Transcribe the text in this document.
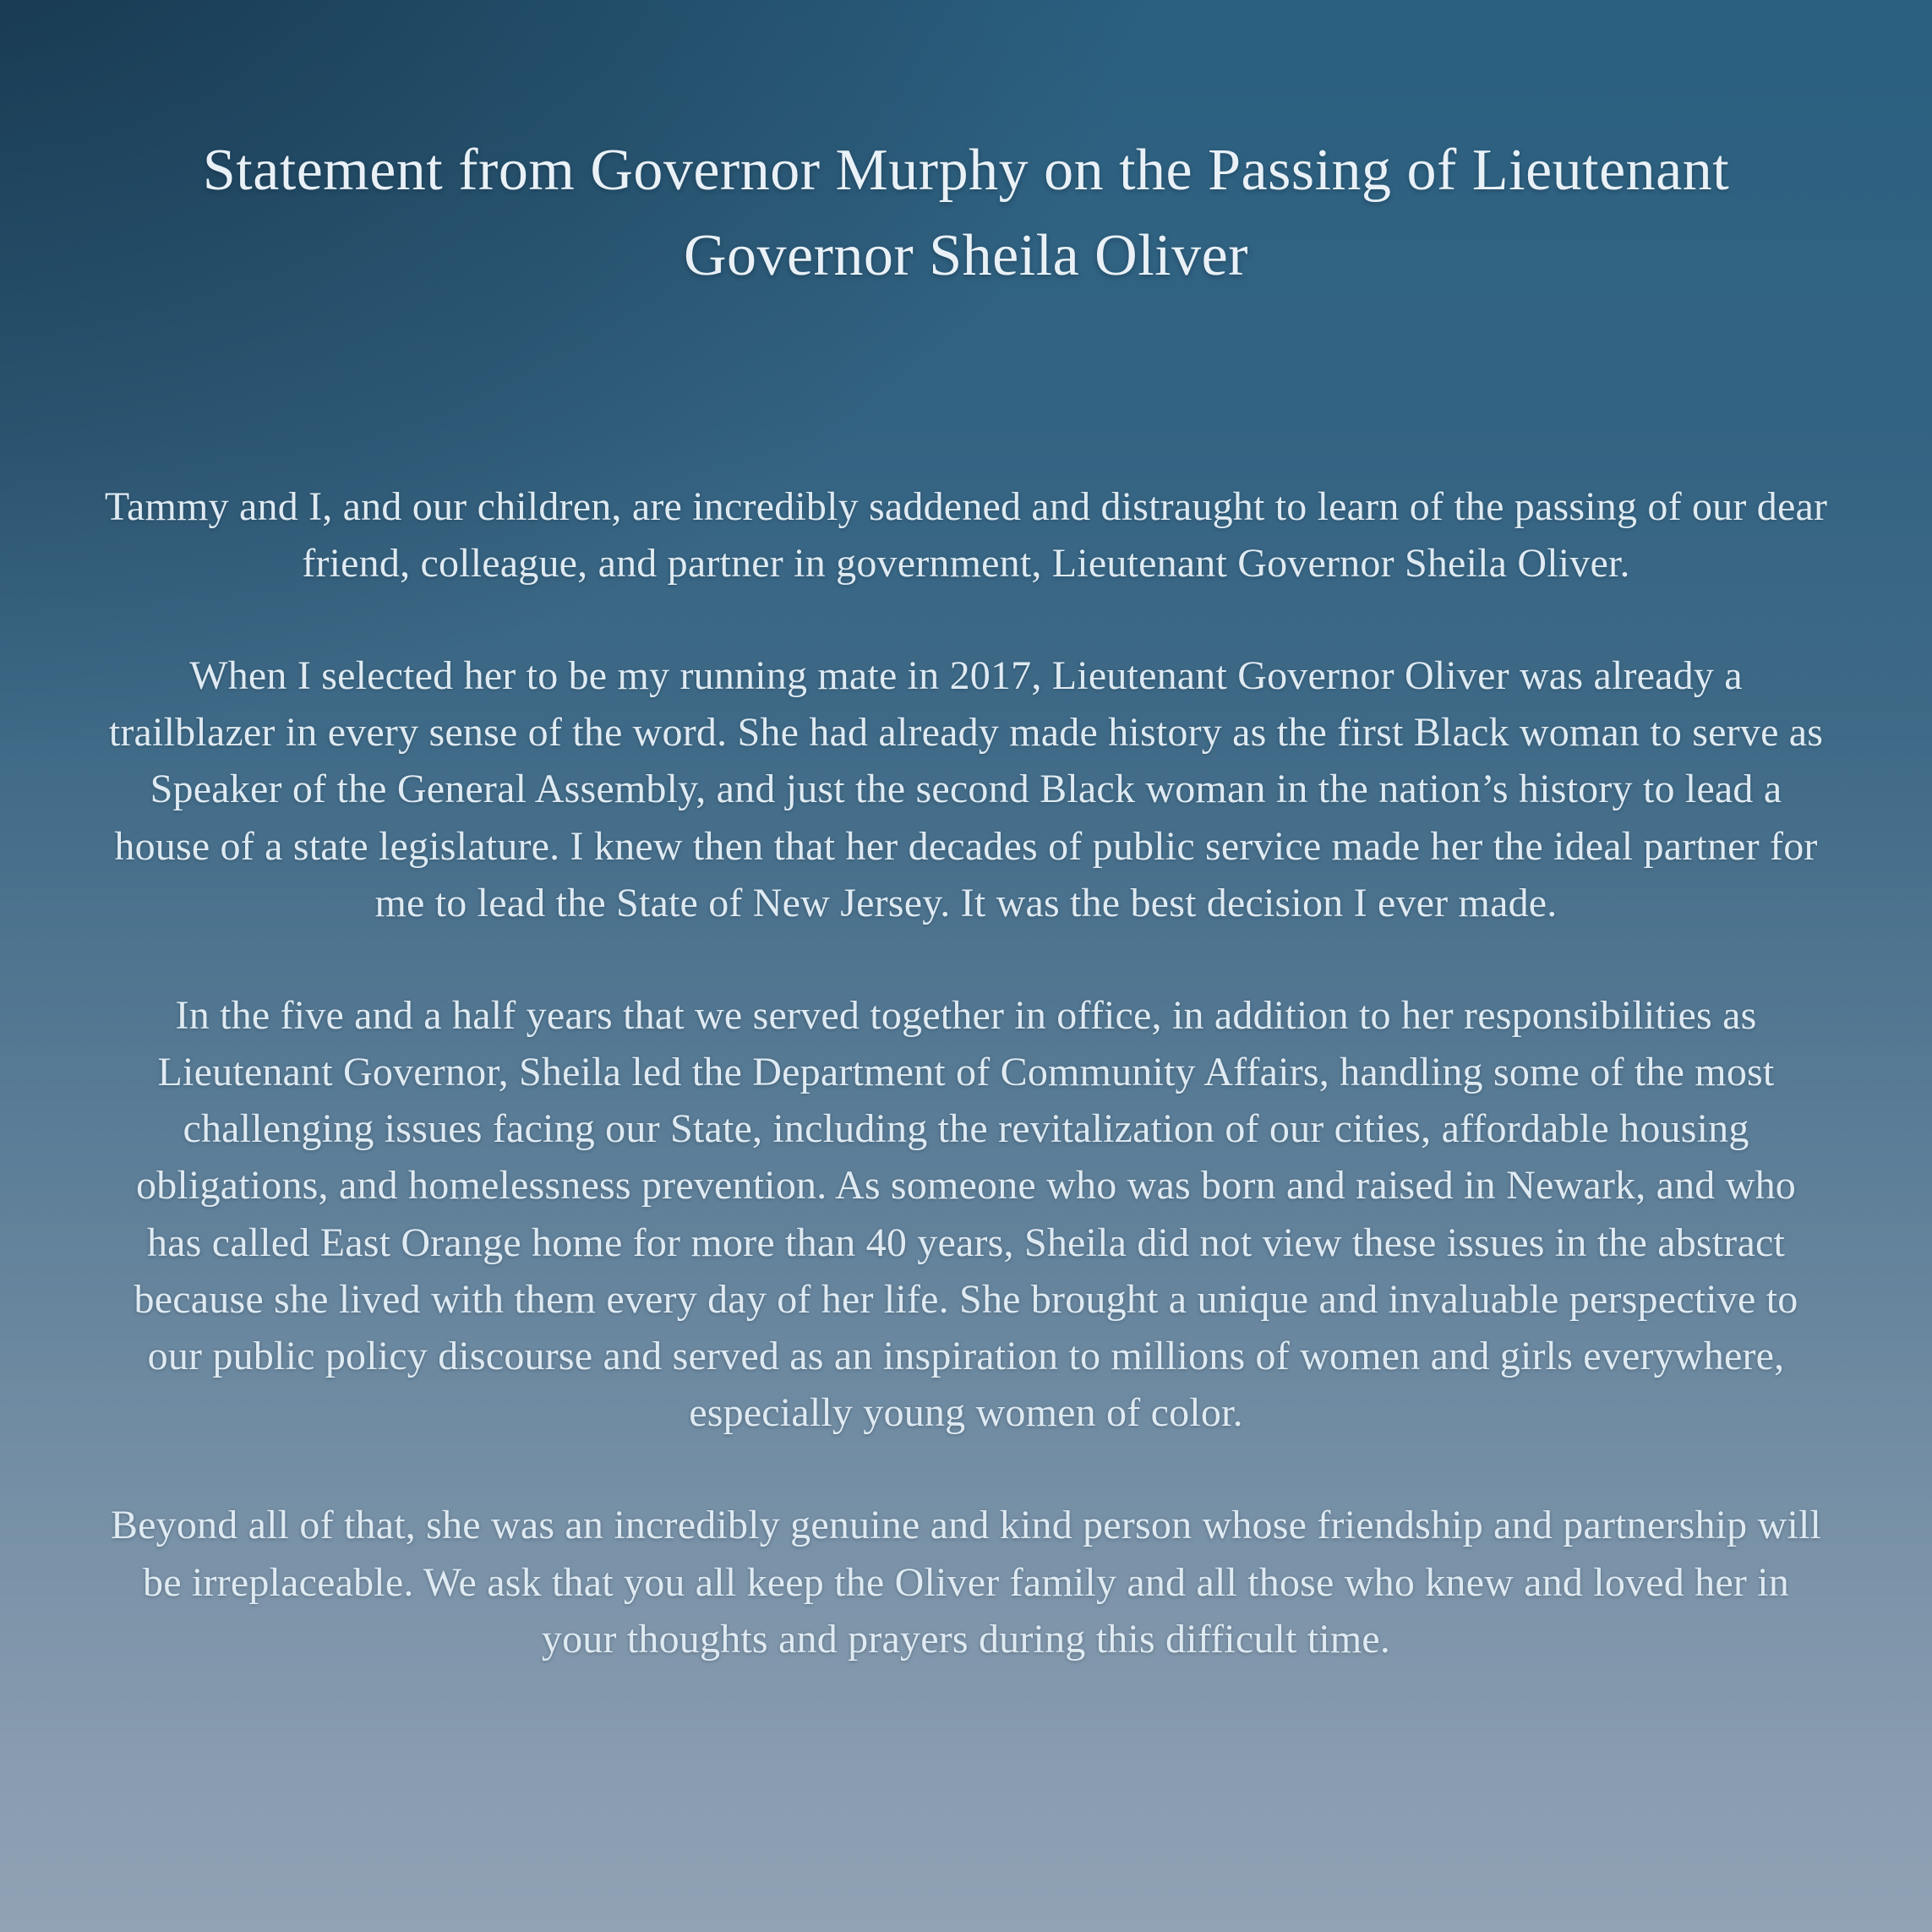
Statement from Governor Murphy on the Passing of Lieutenant Governor Sheila Oliver

Tammy and I, and our children, are incredibly saddened and distraught to learn of the passing of our dear friend, colleague, and partner in government, Lieutenant Governor Sheila Oliver.

When I selected her to be my running mate in 2017, Lieutenant Governor Oliver was already a trailblazer in every sense of the word. She had already made history as the first Black woman to serve as Speaker of the General Assembly, and just the second Black woman in the nation’s history to lead a house of a state legislature. I knew then that her decades of public service made her the ideal partner for me to lead the State of New Jersey. It was the best decision I ever made.

In the five and a half years that we served together in office, in addition to her responsibilities as Lieutenant Governor, Sheila led the Department of Community Affairs, handling some of the most challenging issues facing our State, including the revitalization of our cities, affordable housing obligations, and homelessness prevention. As someone who was born and raised in Newark, and who has called East Orange home for more than 40 years, Sheila did not view these issues in the abstract because she lived with them every day of her life. She brought a unique and invaluable perspective to our public policy discourse and served as an inspiration to millions of women and girls everywhere, especially young women of color.

Beyond all of that, she was an incredibly genuine and kind person whose friendship and partnership will be irreplaceable. We ask that you all keep the Oliver family and all those who knew and loved her in your thoughts and prayers during this difficult time.
